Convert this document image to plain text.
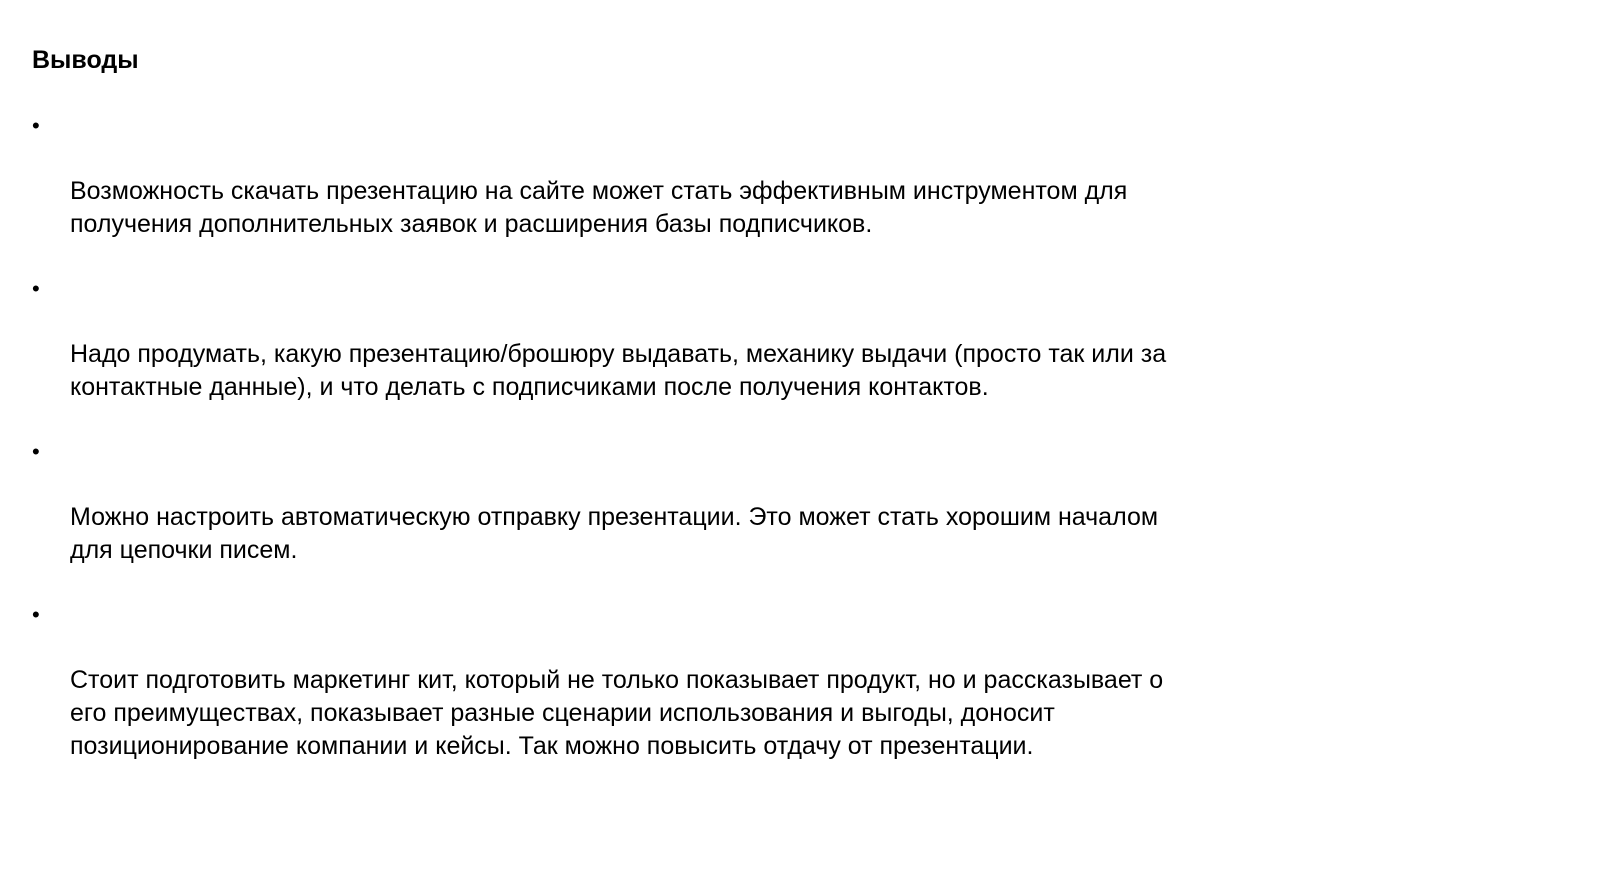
Выводы

•

Возможность скачать презентацию на сайте может стать эффективным инструментом для
получения дополнительных заявок и расширения базы подписчиков.

•

Надо продумать, какую презентацию/брошюру выдавать, механику выдачи (просто так или за
контактные данные), и что делать с подписчиками после получения контактов.

•

Можно настроить автоматическую отправку презентации. Это может стать хорошим началом
для цепочки писем.

•

Стоит подготовить маркетинг кит, который не только показывает продукт, но и рассказывает о
его преимуществах, показывает разные сценарии использования и выгоды, доносит
позиционирование компании и кейсы. Так можно повысить отдачу от презентации.
